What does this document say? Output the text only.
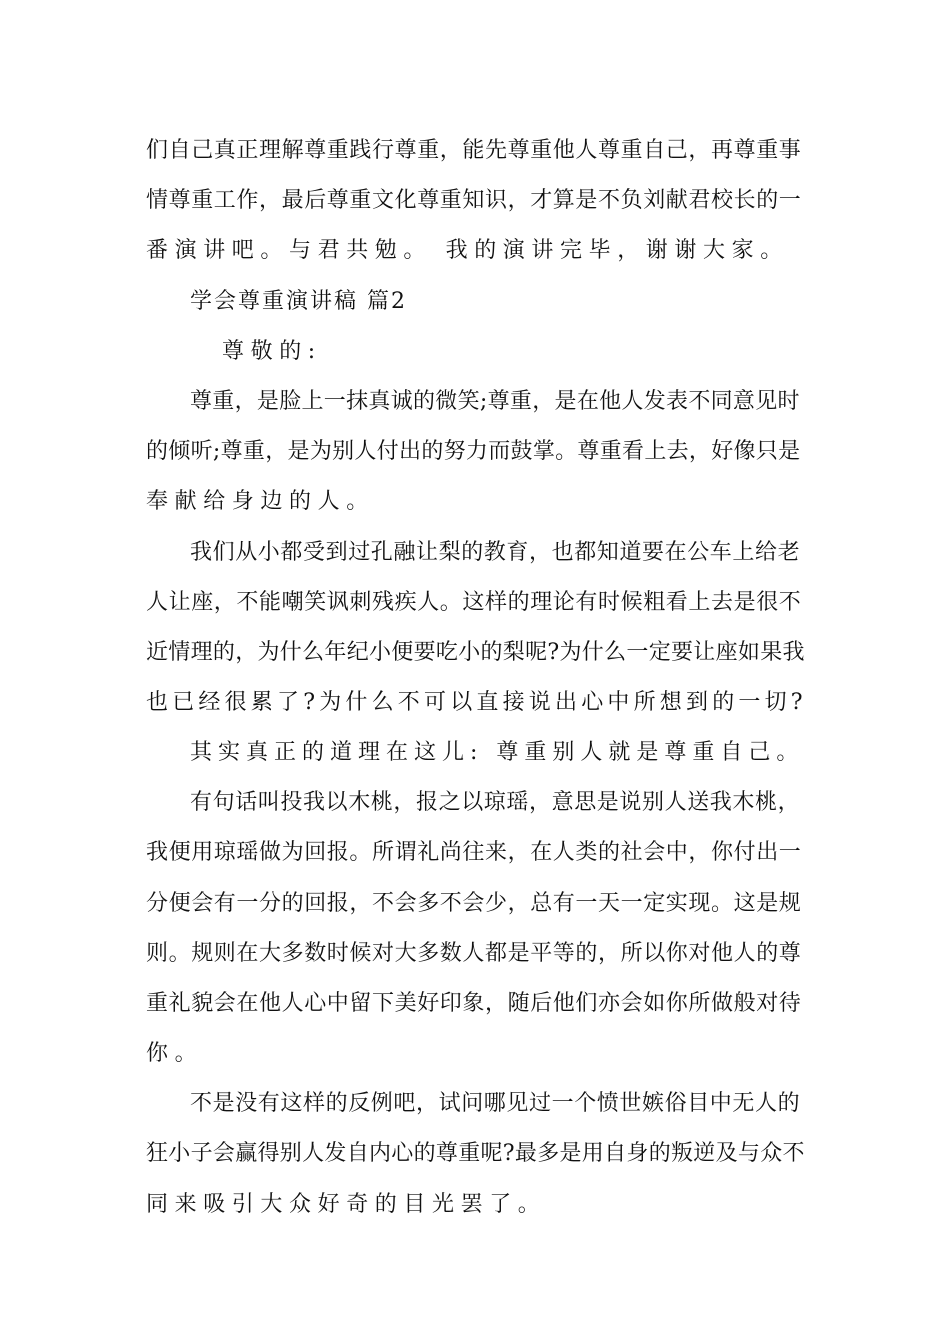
们自己真正理解尊重践行尊重，能先尊重他人尊重自己，再尊重事
情尊重工作，最后尊重文化尊重知识，才算是不负刘献君校长的一
番演讲吧。与君共勉。 我的演讲完毕，谢谢大家。
学会尊重演讲稿 篇2
尊敬的:
尊重，是脸上一抹真诚的微笑;尊重，是在他人发表不同意见时
的倾听;尊重，是为别人付出的努力而鼓掌。尊重看上去，好像只是
奉献给身边的人。
我们从小都受到过孔融让梨的教育，也都知道要在公车上给老
人让座，不能嘲笑讽刺残疾人。这样的理论有时候粗看上去是很不
近情理的，为什么年纪小便要吃小的梨呢?为什么一定要让座如果我
也已经很累了?为什么不可以直接说出心中所想到的一切?
其实真正的道理在这儿: 尊重别人就是尊重自己。
有句话叫投我以木桃，报之以琼瑶，意思是说别人送我木桃，
我便用琼瑶做为回报。所谓礼尚往来，在人类的社会中，你付出一
分便会有一分的回报，不会多不会少，总有一天一定实现。这是规
则。规则在大多数时候对大多数人都是平等的，所以你对他人的尊
重礼貌会在他人心中留下美好印象，随后他们亦会如你所做般对待
你。
不是没有这样的反例吧，试问哪见过一个愤世嫉俗目中无人的
狂小子会赢得别人发自内心的尊重呢?最多是用自身的叛逆及与众不
同来吸引大众好奇的目光罢了。
